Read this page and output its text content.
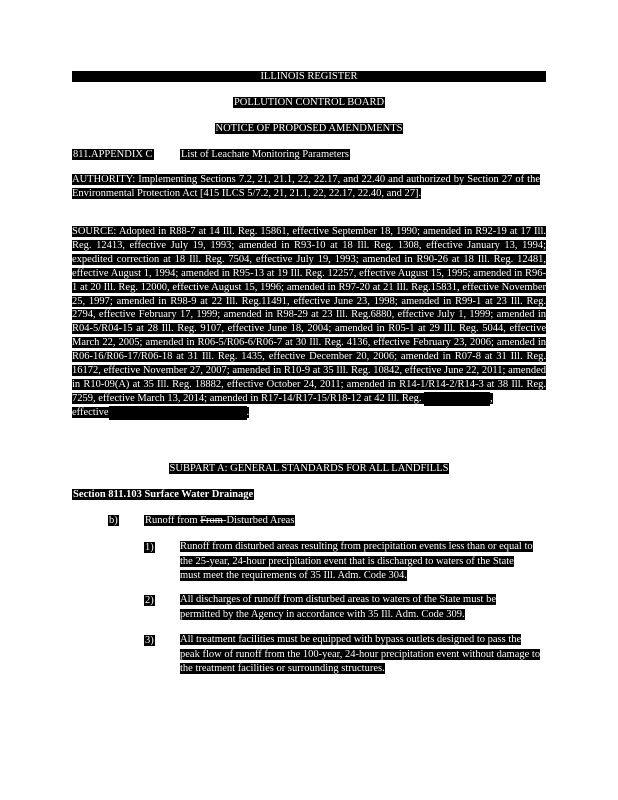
ILLINOIS REGISTER
POLLUTION CONTROL BOARD
NOTICE OF PROPOSED AMENDMENTS
811.APPENDIX C	List of Leachate Monitoring Parameters
AUTHORITY: Implementing Sections 7.2, 21, 21.1, 22, 22.17, and 22.40 and authorized by Section 27 of the Environmental Protection Act [415 ILCS 5/7.2, 21, 21.1, 22, 22.17, 22.40, and 27].
SOURCE: Adopted in R88-7 at 14 Ill. Reg. 15861, effective September 18, 1990; amended in R92-19 at 17 Ill. Reg. 12413, effective July 19, 1993; amended in R93-10 at 18 Ill. Reg. 1308, effective January 13, 1994; expedited correction at 18 Ill. Reg. 7504, effective July 19, 1993; amended in R90-26 at 18 Ill. Reg. 12481, effective August 1, 1994; amended in R95-13 at 19 Ill. Reg. 12257, effective August 15, 1995; amended in R96-1 at 20 Ill. Reg. 12000, effective August 15, 1996; amended in R97-20 at 21 Ill. Reg.15831, effective November 25, 1997; amended in R98-9 at 22 Ill. Reg.11491, effective June 23, 1998; amended in R99-1 at 23 Ill. Reg. 2794, effective February 17, 1999; amended in R98-29 at 23 Ill. Reg.6880, effective July 1, 1999; amended in R04-5/R04-15 at 28 Ill. Reg. 9107, effective June 18, 2004; amended in R05-1 at 29 Ill. Reg. 5044, effective March 22, 2005; amended in R06-5/R06-6/R06-7 at 30 Ill. Reg. 4136, effective February 23, 2006; amended in R06-16/R06-17/R06-18 at 31 Ill. Reg. 1435, effective December 20, 2006; amended in R07-8 at 31 Ill. Reg. 16172, effective November 27, 2007; amended in R10-9 at 35 Ill. Reg. 10842, effective June 22, 2011; amended in R10-09(A) at 35 Ill. Reg. 18882, effective October 24, 2011; amended in R14-1/R14-2/R14-3 at 38 Ill. Reg. 7259, effective March 13, 2014; amended in R17-14/R17-15/R18-12 at 42 Ill. Reg.	,
effective	.
SUBPART A: GENERAL STANDARDS FOR ALL LANDFILLS
Section 811.103 Surface Water Drainage
b)	Runoff from From-Disturbed Areas
1)	Runoff from disturbed areas resulting from precipitation events less than or equal to the 25-year, 24-hour precipitation event that is discharged to waters of the State must meet the requirements of 35 Ill. Adm. Code 304.
2)	All discharges of runoff from disturbed areas to waters of the State must be permitted by the Agency in accordance with 35 Ill. Adm. Code 309.
3)	All treatment facilities must be equipped with bypass outlets designed to pass the peak flow of runoff from the 100-year, 24-hour precipitation event without damage to the treatment facilities or surrounding structures.
